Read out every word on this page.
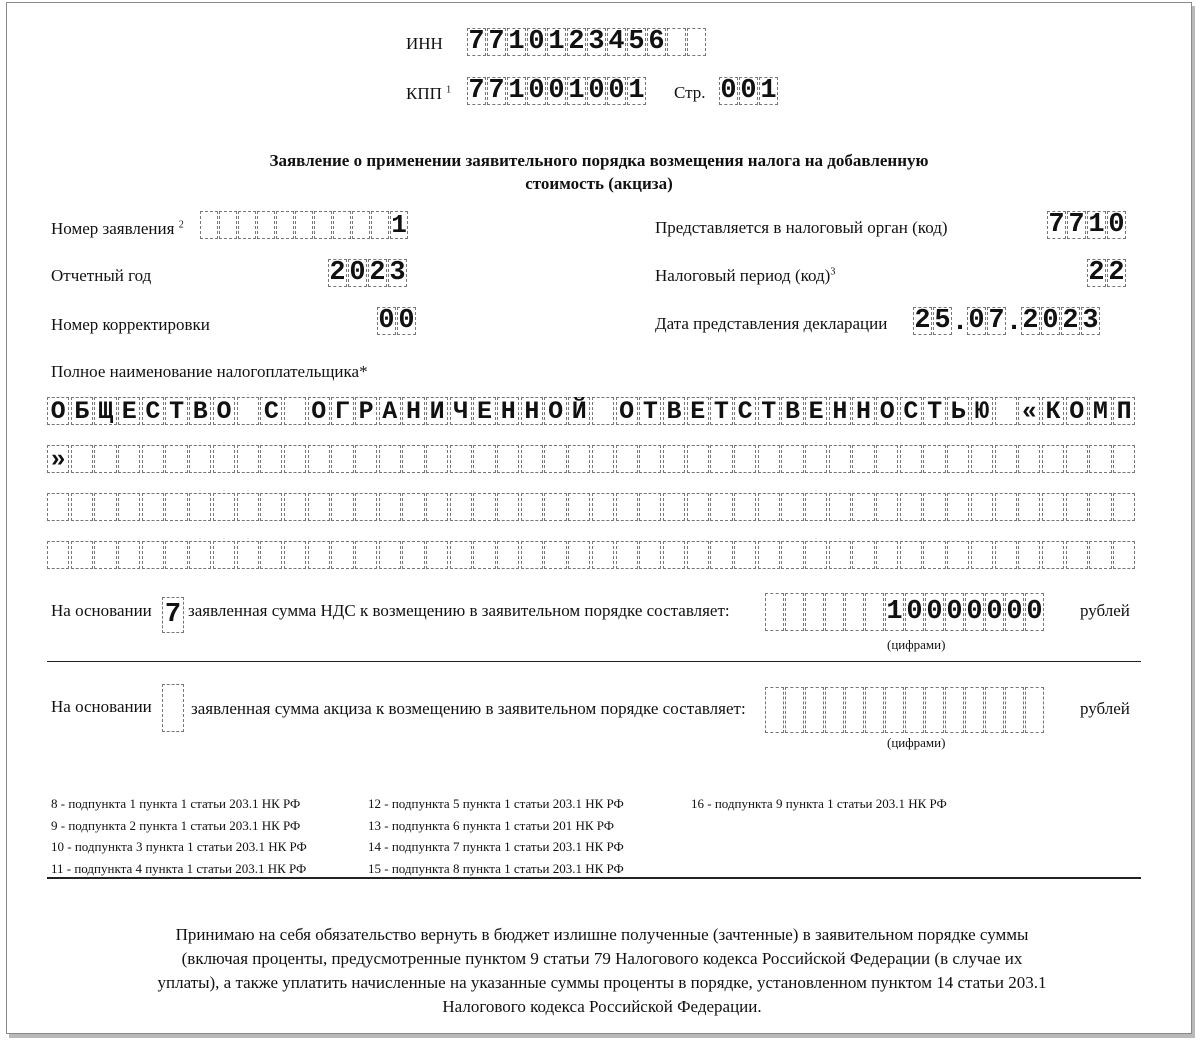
ИНН 7 7 1 0 1 2 3 4 5 6
КПП $^1$ 7 7 1 0 0 1 0 0 1 Стр. 0 0 1
Заявление о применении заявительного порядка возмещения налога на добавленную
стоимость (акциза)
Номер заявления $^2$	1
Отчетный год	2 0 2 3
Номер корректировки	0 0
Представляется в налоговый орган (код)	7 7 1 0
Налоговый период (код)$^3$	2 2
Дата представления декларации 2 5 . 0 7 . 2 0 2 3
Полное наименование налогоплательщика*
О Б Щ Е С Т В О С О Г Р А Н И Ч Е Н Н О Й О Т В Е Т С Т В Е Н Н О С Т Ь Ю « К О М П
»
На основании 7 заявленная сумма НДС к возмещению в заявительном порядке составляет:	1 0 0 0 0 0 0 0 рублей
(цифрами)
На основании заявленная сумма акциза к возмещению в заявительном порядке составляет:	рублей
(цифрами)
8 - подпункта 1 пункта 1 статьи 203.1 НК РФ
9 - подпункта 2 пункта 1 статьи 203.1 НК РФ
10 - подпункта 3 пункта 1 статьи 203.1 НК РФ
11 - подпункта 4 пункта 1 статьи 203.1 НК РФ
12 - подпункта 5 пункта 1 статьи 203.1 НК РФ
13 - подпункта 6 пункта 1 статьи 201 НК РФ
14 - подпункта 7 пункта 1 статьи 203.1 НК РФ
15 - подпункта 8 пункта 1 статьи 203.1 НК РФ
16 - подпункта 9 пункта 1 статьи 203.1 НК РФ
Принимаю на себя обязательство вернуть в бюджет излишне полученные (зачтенные) в заявительном порядке суммы
(включая проценты, предусмотренные пунктом 9 статьи 79 Налогового кодекса Российской Федерации (в случае их
уплаты), а также уплатить начисленные на указанные суммы проценты в порядке, установленном пунктом 14 статьи 203.1
Налогового кодекса Российской Федерации.
